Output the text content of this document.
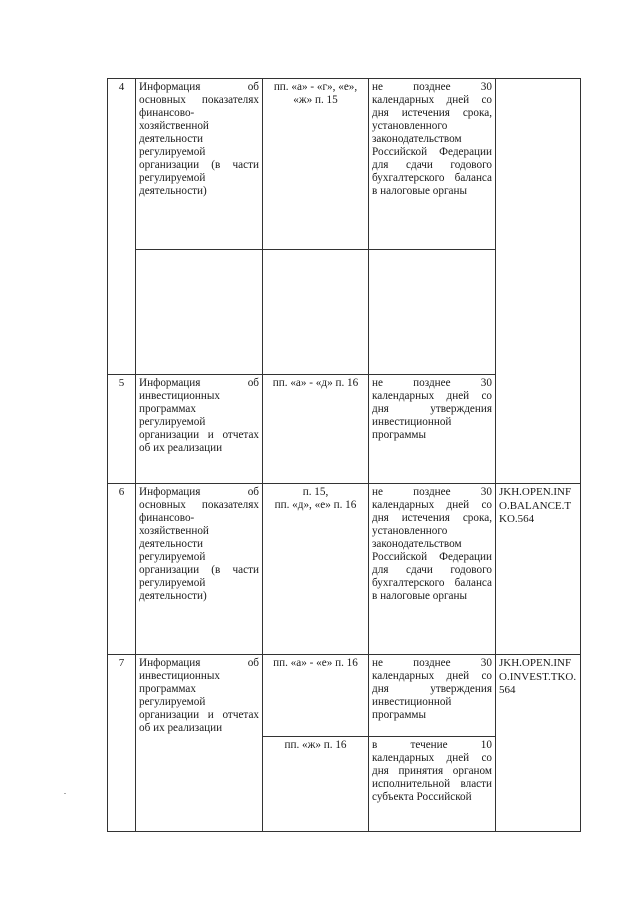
4	Информация об основных показателях финансово-хозяйственной деятельности регулируемой организации (в части регулируемой деятельности)	пп. «а» - «г», «е», «ж» п. 15	не позднее 30 календарных дней со дня истечения срока, установленного законодательством Российской Федерации для сдачи годового бухгалтерского баланса в налоговые органы	

5	Информация об инвестиционных программах регулируемой организации и отчетах об их реализации	пп. «а» - «д» п. 16	не позднее 30 календарных дней со дня утверждения инвестиционной программы	
6	Информация об основных показателях финансово-хозяйственной деятельности регулируемой организации (в части регулируемой деятельности)	п. 15,
пп. «д», «е» п. 16	не позднее 30 календарных дней со дня истечения срока, установленного законодательством Российской Федерации для сдачи годового бухгалтерского баланса в налоговые органы	JKH.OPEN.INFO.BALANCE.TKO.564
7	Информация об инвестиционных программах регулируемой организации и отчетах об их реализации	пп. «а» - «е» п. 16	не позднее 30 календарных дней со дня утверждения инвестиционной программы	JKH.OPEN.INFO.INVEST.TKO.564
		пп. «ж» п. 16	в течение 10 календарных дней со дня принятия органом исполнительной власти субъекта Российской	
